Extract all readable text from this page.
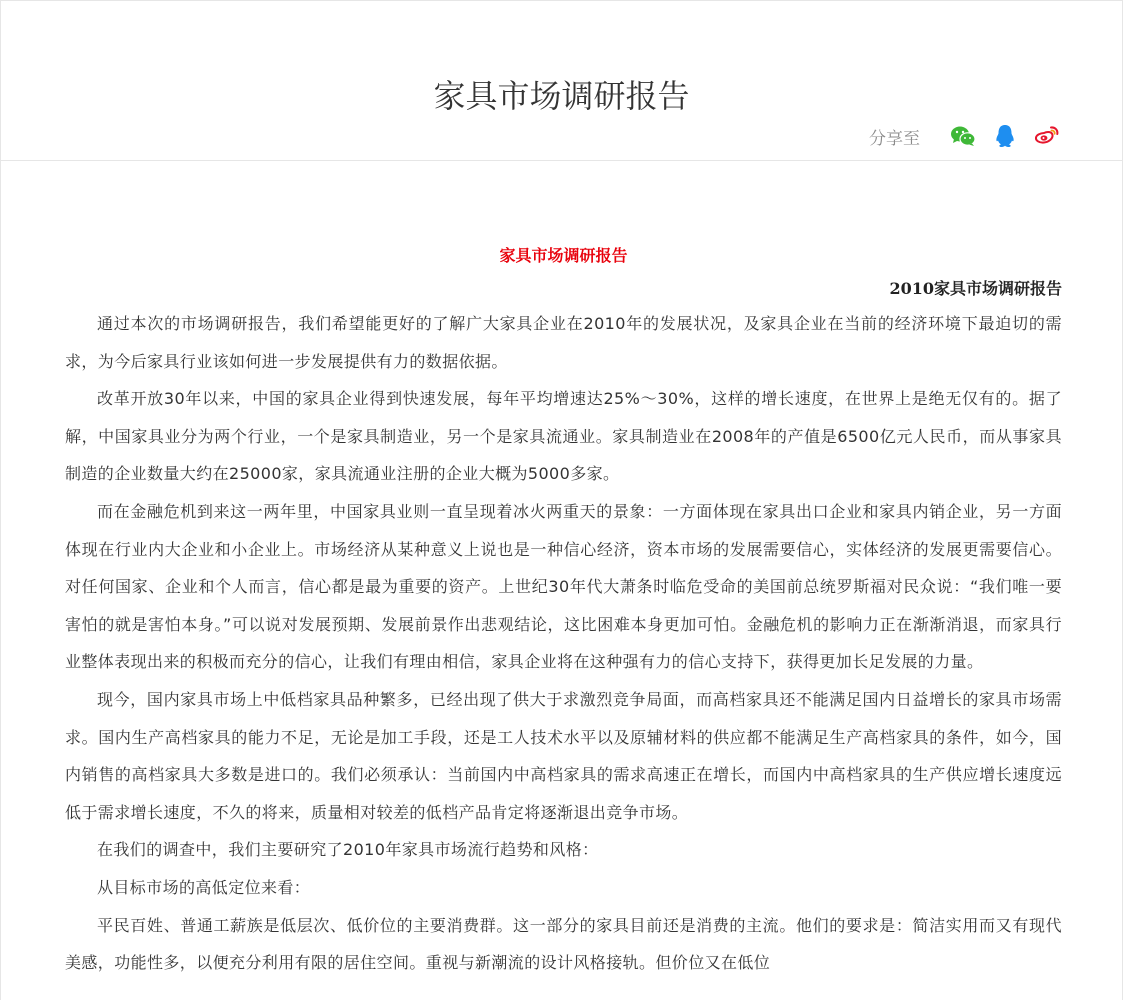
家具市场调研报告
分享至
家具市场调研报告
2010家具市场调研报告

通过本次的市场调研报告，我们希望能更好的了解广大家具企业在2010年的发展状况，及家具企业在当前的经济环境下最迫切的需求，为今后家具行业该如何进一步发展提供有力的数据依据。

改革开放30年以来，中国的家具企业得到快速发展，每年平均增速达25%～30%，这样的增长速度，在世界上是绝无仅有的。据了解，中国家具业分为两个行业，一个是家具制造业，另一个是家具流通业。家具制造业在2008年的产值是6500亿元人民币，而从事家具制造的企业数量大约在25000家，家具流通业注册的企业大概为5000多家。

而在金融危机到来这一两年里，中国家具业则一直呈现着冰火两重天的景象：一方面体现在家具出口企业和家具内销企业，另一方面体现在行业内大企业和小企业上。市场经济从某种意义上说也是一种信心经济，资本市场的发展需要信心，实体经济的发展更需要信心。对任何国家、企业和个人而言，信心都是最为重要的资产。上世纪30年代大萧条时临危受命的美国前总统罗斯福对民众说：“我们唯一要害怕的就是害怕本身。”可以说对发展预期、发展前景作出悲观结论，这比困难本身更加可怕。金融危机的影响力正在渐渐消退，而家具行业整体表现出来的积极而充分的信心，让我们有理由相信，家具企业将在这种强有力的信心支持下，获得更加长足发展的力量。

现今，国内家具市场上中低档家具品种繁多，已经出现了供大于求激烈竞争局面，而高档家具还不能满足国内日益增长的家具市场需求。国内生产高档家具的能力不足，无论是加工手段，还是工人技术水平以及原辅材料的供应都不能满足生产高档家具的条件，如今，国内销售的高档家具大多数是进口的。我们必须承认：当前国内中高档家具的需求高速正在增长，而国内中高档家具的生产供应增长速度远低于需求增长速度，不久的将来，质量相对较差的低档产品肯定将逐渐退出竞争市场。

在我们的调查中，我们主要研究了2010年家具市场流行趋势和风格：

从目标市场的高低定位来看：

平民百姓、普通工薪族是低层次、低价位的主要消费群。这一部分的家具目前还是消费的主流。他们的要求是：简洁实用而又有现代美感，功能性多，以便充分利用有限的居住空间。重视与新潮流的设计风格接轨。但价位又在低位
